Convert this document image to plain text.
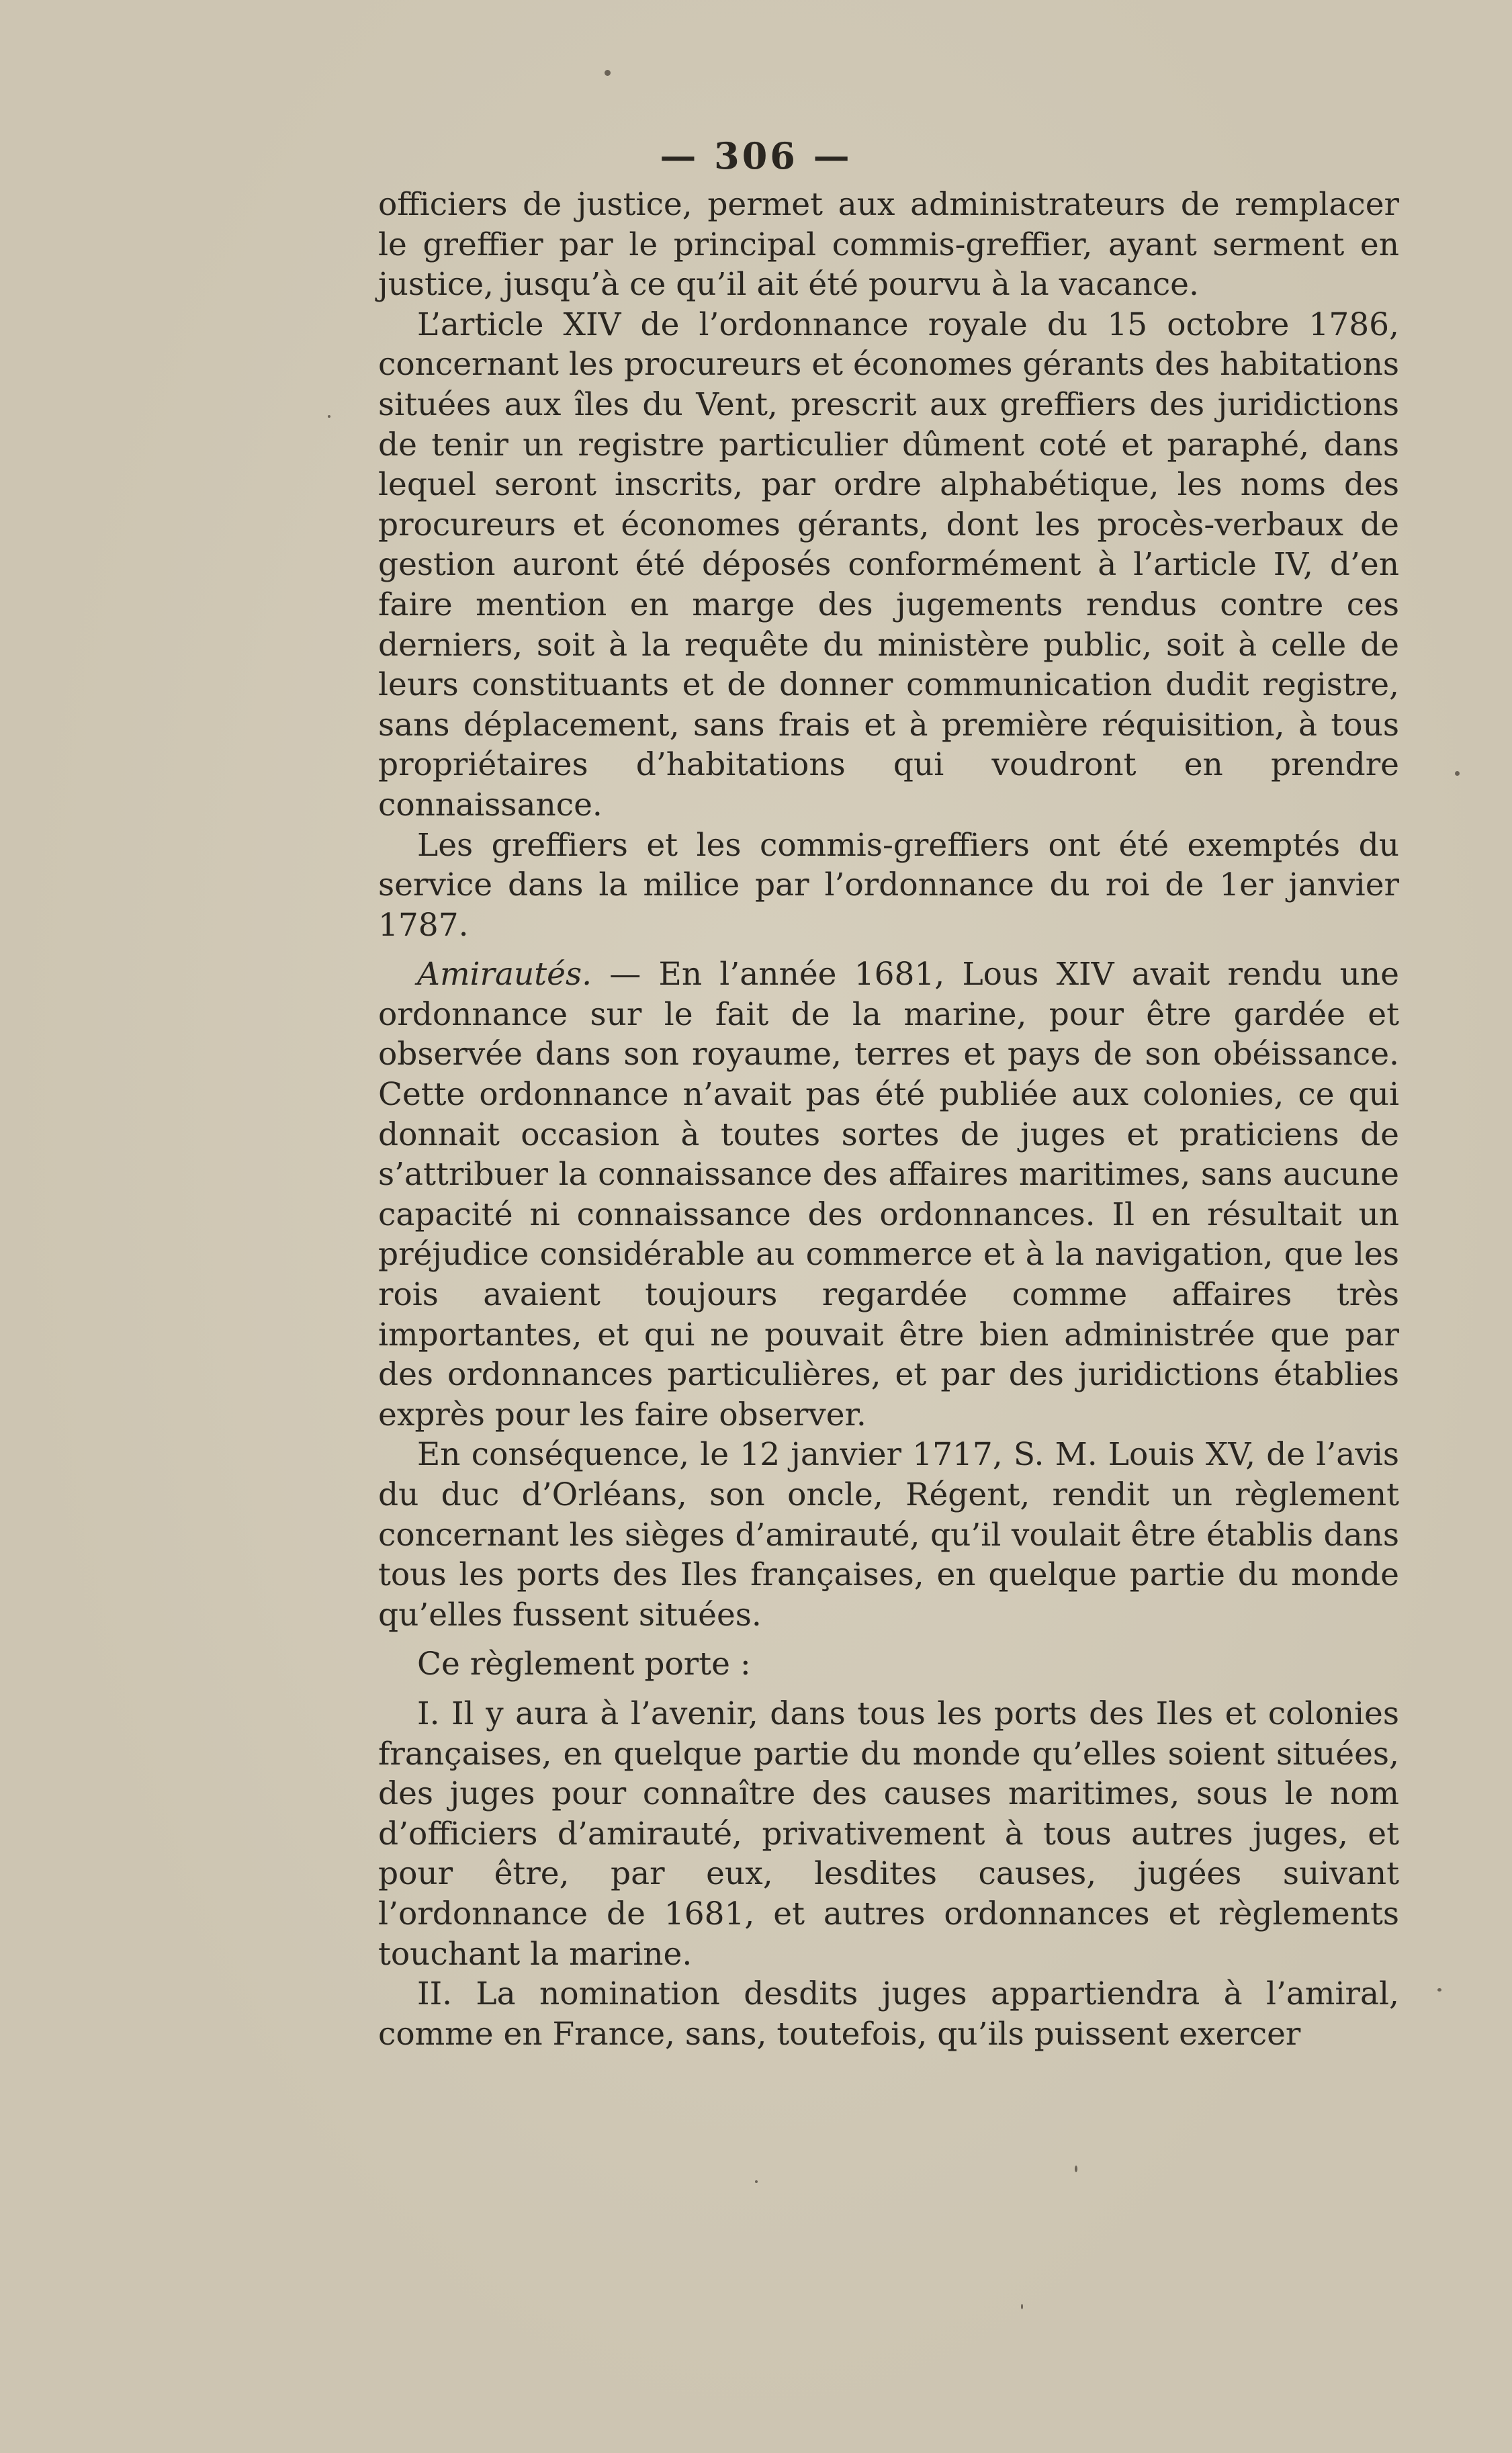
— 306 —

officiers de justice, permet aux administrateurs de remplacer le greffier par le principal commis-greffier, ayant serment en justice, jusqu’à ce qu’il ait été pourvu à la vacance.

L’article XIV de l’ordonnance royale du 15 octobre 1786, concernant les procureurs et économes gérants des habitations situées aux îles du Vent, prescrit aux greffiers des juridictions de tenir un registre particulier dûment coté et paraphé, dans lequel seront inscrits, par ordre alphabétique, les noms des procureurs et économes gérants, dont les procès-verbaux de gestion auront été déposés conformément à l’article IV, d’en faire mention en marge des jugements rendus contre ces derniers, soit à la requête du ministère public, soit à celle de leurs constituants et de donner communication dudit registre, sans déplacement, sans frais et à première réquisition, à tous propriétaires d’habitations qui voudront en prendre connaissance.

Les greffiers et les commis-greffiers ont été exemptés du service dans la milice par l’ordonnance du roi de 1er janvier 1787.

Amirautés. — En l’année 1681, Lous XIV avait rendu une ordonnance sur le fait de la marine, pour être gardée et observée dans son royaume, terres et pays de son obéissance. Cette ordonnance n’avait pas été publiée aux colonies, ce qui donnait occasion à toutes sortes de juges et praticiens de s’attribuer la connaissance des affaires maritimes, sans aucune capacité ni connaissance des ordonnances. Il en résultait un préjudice considérable au commerce et à la navigation, que les rois avaient toujours regardée comme affaires très importantes, et qui ne pouvait être bien administrée que par des ordonnances particulières, et par des juridictions établies exprès pour les faire observer.

En conséquence, le 12 janvier 1717, S. M. Louis XV, de l’avis du duc d’Orléans, son oncle, Régent, rendit un règlement concernant les sièges d’amirauté, qu’il voulait être établis dans tous les ports des Iles françaises, en quelque partie du monde qu’elles fussent situées.

Ce règlement porte :

I. Il y aura à l’avenir, dans tous les ports des Iles et colonies françaises, en quelque partie du monde qu’elles soient situées, des juges pour connaître des causes maritimes, sous le nom d’officiers d’amirauté, privativement à tous autres juges, et pour être, par eux, lesdites causes, jugées suivant l’ordonnance de 1681, et autres ordonnances et règlements touchant la marine.

II. La nomination desdits juges appartiendra à l’amiral, comme en France, sans, toutefois, qu’ils puissent exercer
